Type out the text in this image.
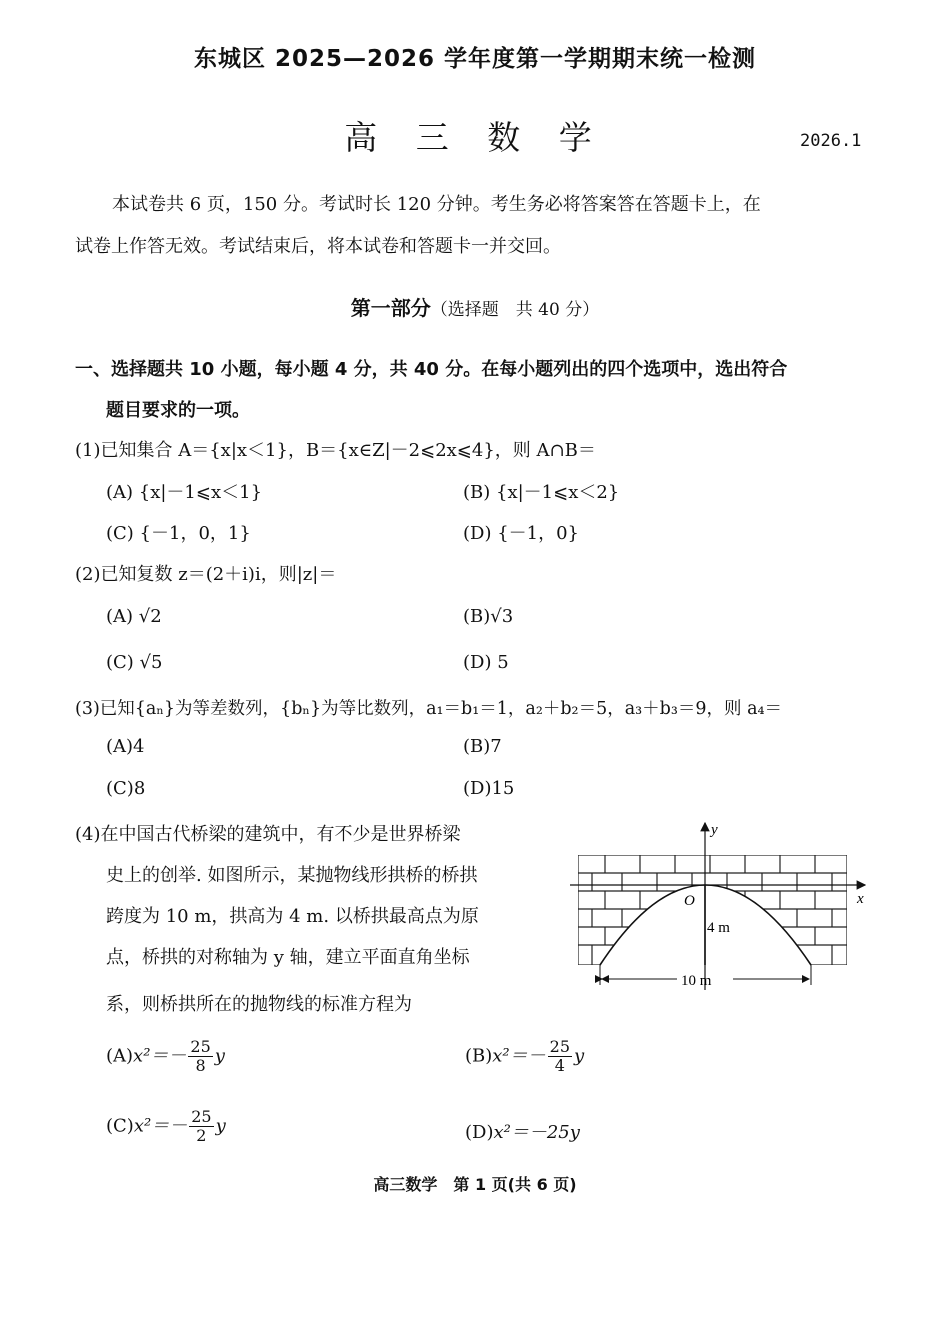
东城区 2025—2026 学年度第一学期期末统一检测
高 三 数 学	2026.1
本试卷共 6 页，150 分。考试时长 120 分钟。考生务必将答案答在答题卡上，在
试卷上作答无效。考试结束后，将本试卷和答题卡一并交回。
第一部分（选择题　共 40 分）
一、选择题共 10 小题，每小题 4 分，共 40 分。在每小题列出的四个选项中，选出符合
题目要求的一项。
(1)已知集合 A＝{x|x＜1}，B＝{x∈Z|－2⩽2x⩽4}，则 A∩B＝
(A) {x|－1⩽x＜1}	(B) {x|－1⩽x＜2}
(C) {－1，0，1}	(D) {－1，0}
(2)已知复数 z＝(2＋i)i，则|z|＝
(A) √2	(B)√3
(C) √5	(D) 5
(3)已知{aₙ}为等差数列，{bₙ}为等比数列，a₁＝b₁＝1，a₂＋b₂＝5，a₃＋b₃＝9，则 a₄＝
(A)4	(B)7
(C)8	(D)15
(4)在中国古代桥梁的建筑中，有不少是世界桥梁
史上的创举. 如图所示，某抛物线形拱桥的桥拱
跨度为 10 m，拱高为 4 m. 以桥拱最高点为原
点，桥拱的对称轴为 y 轴，建立平面直角坐标
系，则桥拱所在的抛物线的标准方程为
y
x
O
4 m
10 m
$(A)x^2=- \frac{25}{8}$ y	$(B)x^2=- \frac{25}{4}$ y
$(C)x^2=- \frac{25}{2}$ y	(D)x²＝－25y
高三数学　第 1 页(共 6 页)
